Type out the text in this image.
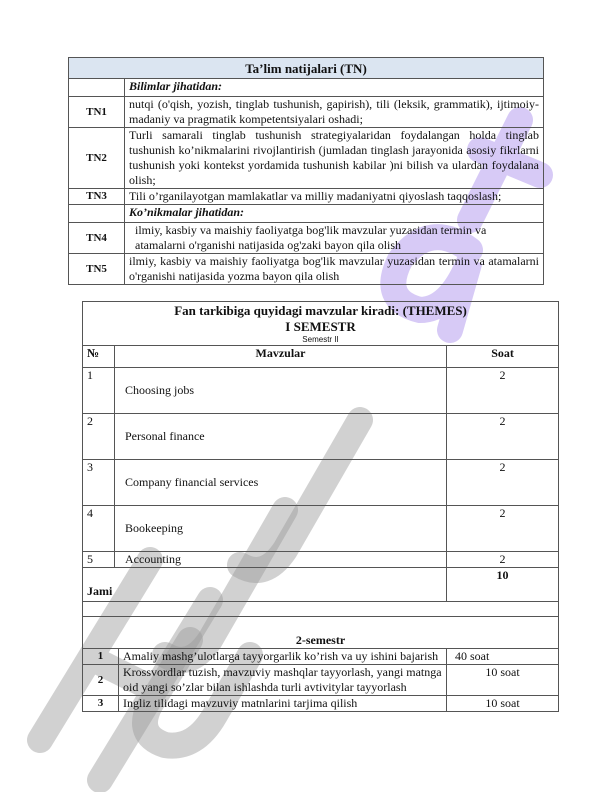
Ta’lim natijalari (TN)	
	Bilimlar jihatidan:
TN1	nutqi (o'qish, yozish, tinglab tushunish, gapirish), tili (leksik, grammatik), ijtimoiy-madaniy va pragmatik kompetentsiyalari oshadi;
TN2	Turli samarali tinglab tushunish strategiyalaridan foydalangan holda tinglab tushunish ko’nikmalarini rivojlantirish (jumladan tinglash jarayonida asosiy fikrlarni tushunish yoki kontekst yordamida tushunish kabilar )ni bilish va ulardan foydalana olish;
TN3	Tili o’rganilayotgan mamlakatlar va milliy madaniyatni qiyoslash taqqoslash;
	Ko’nikmalar jihatidan:
TN4	ilmiy, kasbiy va maishiy faoliyatga bog'lik mavzular yuzasidan termin va atamalarni o'rganishi natijasida og'zaki bayon qila olish
TN5	ilmiy, kasbiy va maishiy faoliyatga bog'lik mavzular yuzasidan termin va atamalarni o'rganishi natijasida yozma bayon qila olish
Fan tarkibiga quyidagi mavzular kiradi: (THEMES)
I SEMESTR
Semestr II			

№	Mavzular		Soat
1	Choosing jobs		2
2	Personal finance		2
3	Company financial services		2
4	Bookeeping		2
5	Accounting		2
Jami			10

2-semestr			
1		Amaliy mashg’ulotlarga tayyorgarlik ko’rish va uy ishini bajarish	40 soat
2		Krossvordlar tuzish, mavzuviy mashqlar tayyorlash, yangi matnga oid yangi so’zlar bilan ishlashda turli avtivitylar tayyorlash	10 soat
3		Ingliz tilidagi mavzuviy matnlarini tarjima qilish	10 soat
